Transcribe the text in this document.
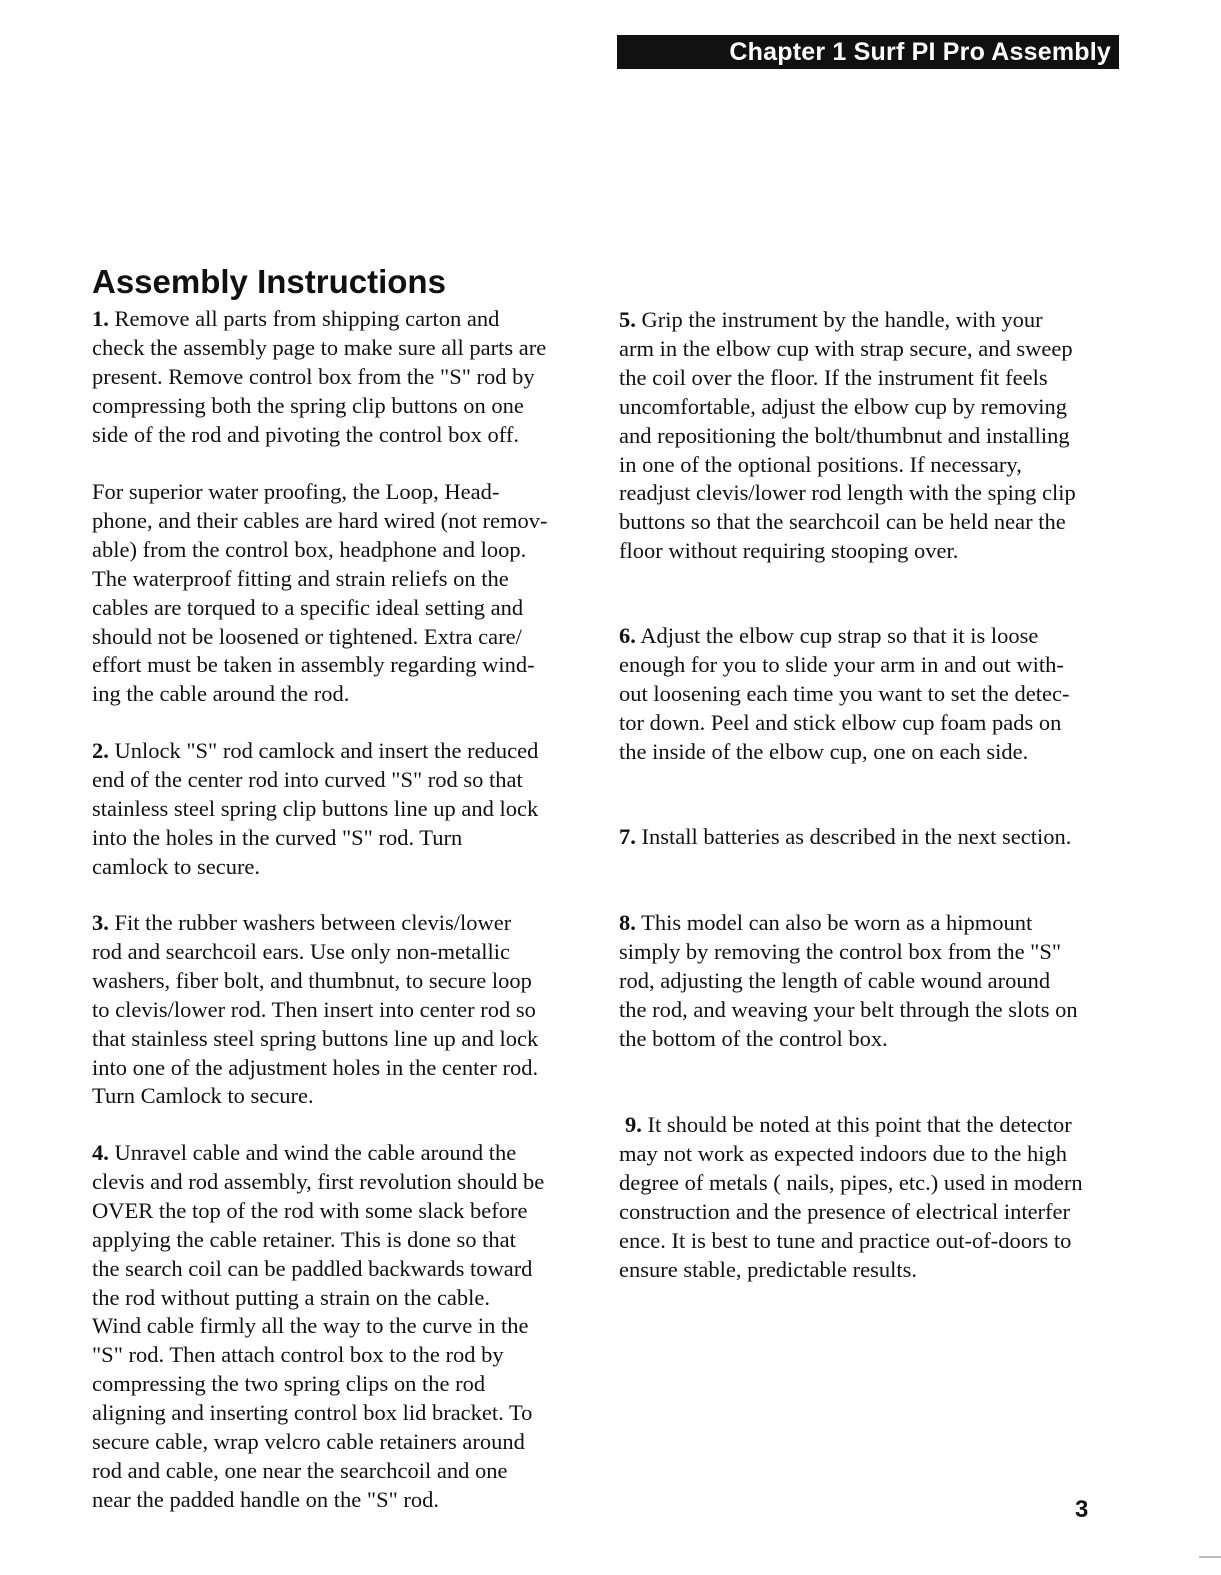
Chapter 1 Surf PI Pro Assembly
Assembly Instructions
1. Remove all parts from shipping carton and
check the assembly page to make sure all parts are
present. Remove control box from the "S" rod by
compressing both the spring clip buttons on one
side of the rod and pivoting the control box off.
For superior water proofing, the Loop, Head-
phone, and their cables are hard wired (not remov-
able) from the control box, headphone and loop.
The waterproof fitting and strain reliefs on the
cables are torqued to a specific ideal setting and
should not be loosened or tightened. Extra care/
effort must be taken in assembly regarding wind-
ing the cable around the rod.
2. Unlock "S" rod camlock and insert the reduced
end of the center rod into curved "S" rod so that
stainless steel spring clip buttons line up and lock
into the holes in the curved "S" rod. Turn
camlock to secure.
3. Fit the rubber washers between clevis/lower
rod and searchcoil ears. Use only non-metallic
washers, fiber bolt, and thumbnut, to secure loop
to clevis/lower rod. Then insert into center rod so
that stainless steel spring buttons line up and lock
into one of the adjustment holes in the center rod.
Turn Camlock to secure.
4. Unravel cable and wind the cable around the
clevis and rod assembly, first revolution should be
OVER the top of the rod with some slack before
applying the cable retainer. This is done so that
the search coil can be paddled backwards toward
the rod without putting a strain on the cable.
Wind cable firmly all the way to the curve in the
"S" rod. Then attach control box to the rod by
compressing the two spring clips on the rod
aligning and inserting control box lid bracket. To
secure cable, wrap velcro cable retainers around
rod and cable, one near the searchcoil and one
near the padded handle on the "S" rod.
5. Grip the instrument by the handle, with your
arm in the elbow cup with strap secure, and sweep
the coil over the floor. If the instrument fit feels
uncomfortable, adjust the elbow cup by removing
and repositioning the bolt/thumbnut and installing
in one of the optional positions. If necessary,
readjust clevis/lower rod length with the sping clip
buttons so that the searchcoil can be held near the
floor without requiring stooping over.
6. Adjust the elbow cup strap so that it is loose
enough for you to slide your arm in and out with-
out loosening each time you want to set the detec-
tor down. Peel and stick elbow cup foam pads on
the inside of the elbow cup, one on each side.
7. Install batteries as described in the next section.
8. This model can also be worn as a hipmount
simply by removing the control box from the "S"
rod, adjusting the length of cable wound around
the rod, and weaving your belt through the slots on
the bottom of the control box.
9. It should be noted at this point that the detector
may not work as expected indoors due to the high
degree of metals ( nails, pipes, etc.) used in modern
construction and the presence of electrical interfer
ence. It is best to tune and practice out-of-doors to
ensure stable, predictable results.
3
